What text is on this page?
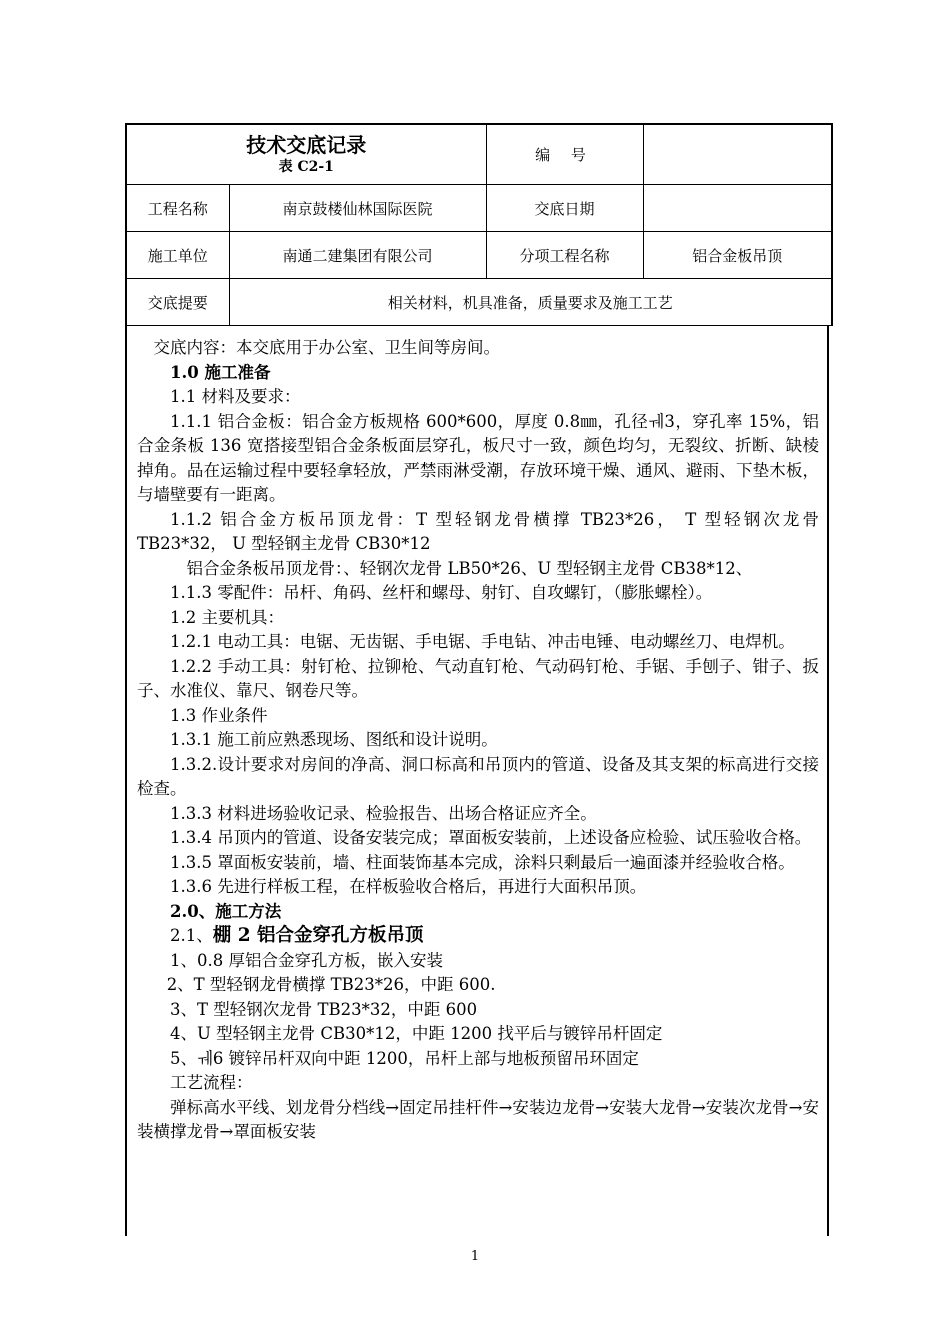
技术交底记录
表 C2-1		编 号	
工程名称	南京鼓楼仙林国际医院	交底日期	
施工单位	南通二建集团有限公司	分项工程名称	铝合金板吊顶
交底提要	相关材料，机具准备，质量要求及施工工艺		

交底内容：本交底用于办公室、卫生间等房间。

1.0 施工准备

1.1 材料及要求：

1.1.1 铝合金板：铝合金方板规格 600*600，厚度 0.8㎜，孔径ￕ3，穿孔率 15%，铝合金条板 136 宽搭接型铝合金条板面层穿孔，板尺寸一致，颜色均匀，无裂纹、折断、缺棱掉角。品在运输过程中要轻拿轻放，严禁雨淋受潮，存放环境干燥、通风、避雨、下垫木板，与墙壁要有一距离。

1.1.2 铝合金方板吊顶龙骨：T 型轻钢龙骨横撑 TB23*26， T 型轻钢次龙骨 TB23*32， U 型轻钢主龙骨 CB30*12

铝合金条板吊顶龙骨：、轻钢次龙骨 LB50*26、U 型轻钢主龙骨 CB38*12、

1.1.3 零配件：吊杆、角码、丝杆和螺母、射钉、自攻螺钉，（膨胀螺栓）。

1.2 主要机具：

1.2.1 电动工具：电锯、无齿锯、手电锯、手电钻、冲击电锤、电动螺丝刀、电焊机。

1.2.2 手动工具：射钉枪、拉铆枪、气动直钉枪、气动码钉枪、手锯、手刨子、钳子、扳子、水准仪、靠尺、钢卷尺等。

1.3 作业条件

1.3.1 施工前应熟悉现场、图纸和设计说明。

1.3.2.设计要求对房间的净高、洞口标高和吊顶内的管道、设备及其支架的标高进行交接检查。

1.3.3 材料进场验收记录、检验报告、出场合格证应齐全。

1.3.4 吊顶内的管道、设备安装完成；罩面板安装前，上述设备应检验、试压验收合格。

1.3.5 罩面板安装前，墙、柱面装饰基本完成，涂料只剩最后一遍面漆并经验收合格。

1.3.6 先进行样板工程，在样板验收合格后，再进行大面积吊顶。

2.0、施工方法

2.1、棚 2 铝合金穿孔方板吊顶

1、0.8 厚铝合金穿孔方板，嵌入安装

2、T 型轻钢龙骨横撑 TB23*26，中距 600.

3、T 型轻钢次龙骨 TB23*32，中距 600

4、U 型轻钢主龙骨 CB30*12，中距 1200 找平后与镀锌吊杆固定

5、ￕ6 镀锌吊杆双向中距 1200，吊杆上部与地板预留吊环固定

工艺流程：

弹标高水平线、划龙骨分档线→固定吊挂杆件→安装边龙骨→安装大龙骨→安装次龙骨→安装横撑龙骨→罩面板安装

1
